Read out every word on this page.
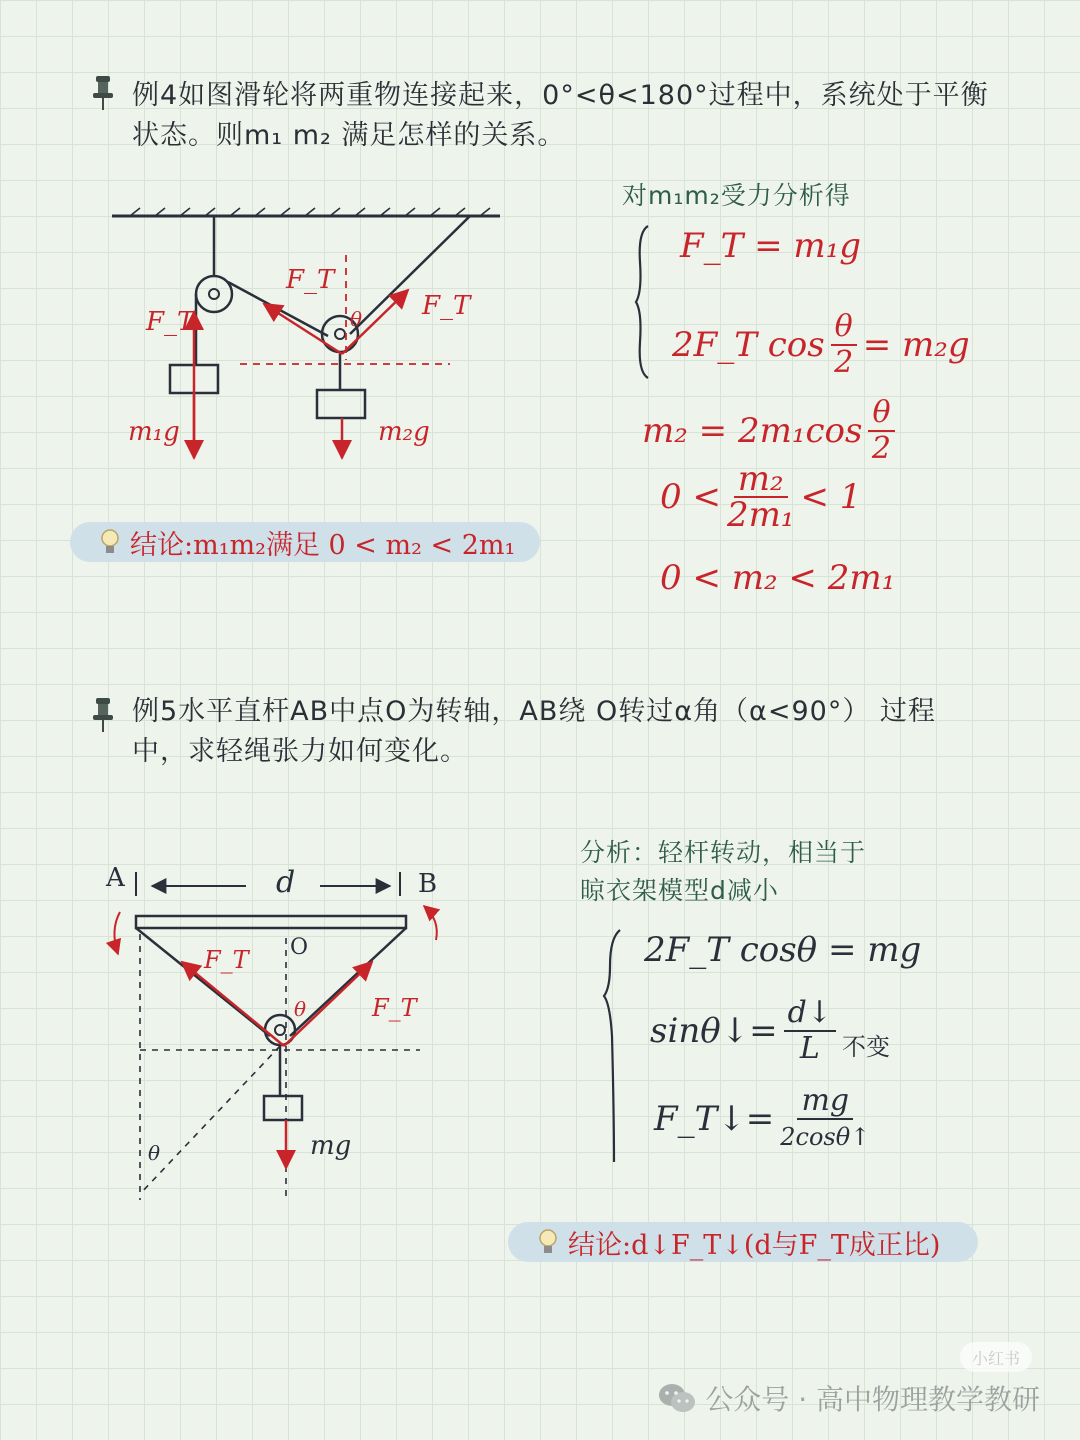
例4如图滑轮将两重物连接起来，0°<θ<180°过程中，系统处于平衡
状态。则m₁ m₂ 满足怎样的关系。
F_T
F_T
F_T
θ
m₁g	m₂g
对m₁m₂受力分析得
F_T = m₁g
2F_T $\cos \frac{\theta}{2} = m_2g$
$m_2 = 2m_1\cos \frac{\theta}{2}$
$0 < \frac{\text{m₂}}{\text{2m₁}} < 1$
0 < m₂ < 2m₁
结论:m₁m₂满足 0 < m₂ < 2m₁
例5水平直杆AB中点O为转轴，AB绕 O转过α角（α<90°） 过程
中，求轻绳张力如何变化。
A	B
d
O
F_T
F_T
θ
θ	mg
分析：轻杆转动，相当于
晾衣架模型d减小
2F_T cosθ = mg
sinθ↓= $\frac{d↓}{L}$ 不变
F_T↓= $\frac{mg}{2\cos\theta↑}$
结论:d↓F_T↓(d与F_T成正比)
小红书
公众号 · 高中物理教学教研
